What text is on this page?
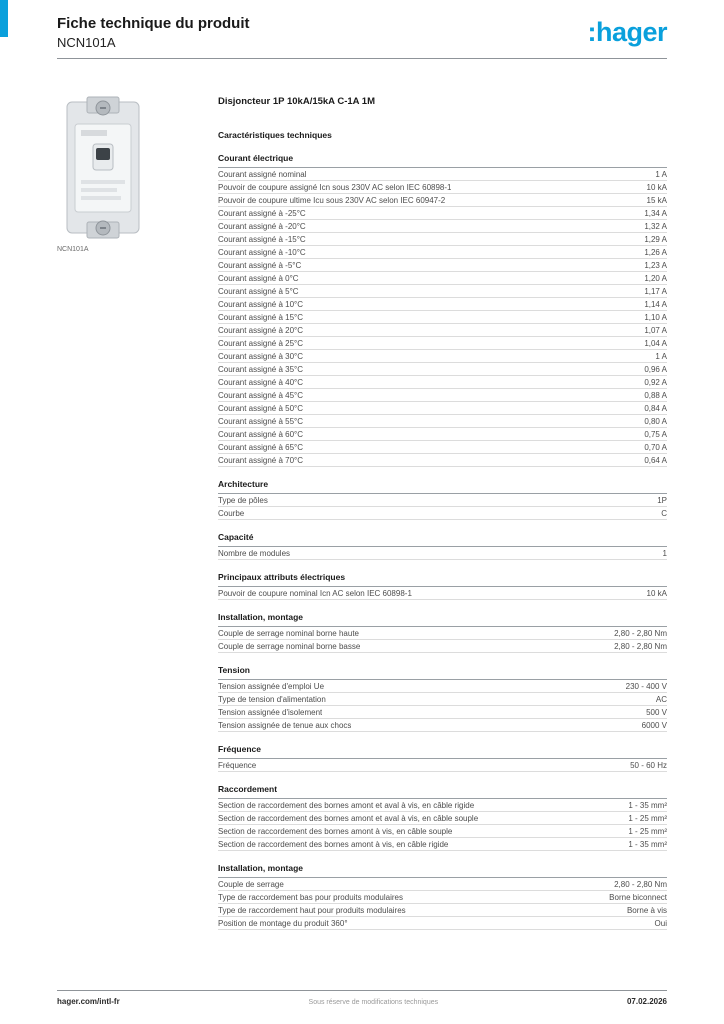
Fiche technique du produit
NCN101A	:hager
NCN101A
Disjoncteur 1P 10kA/15kA C-1A 1M
Caractéristiques techniques
Courant électrique
Courant assigné nominal	1 A
Pouvoir de coupure assigné Icn sous 230V AC selon IEC 60898-1	10 kA
Pouvoir de coupure ultime Icu sous 230V AC selon IEC 60947-2	15 kA
Courant assigné à -25°C	1,34 A
Courant assigné à -20°C	1,32 A
Courant assigné à -15°C	1,29 A
Courant assigné à -10°C	1,26 A
Courant assigné à -5°C	1,23 A
Courant assigné à 0°C	1,20 A
Courant assigné à 5°C	1,17 A
Courant assigné à 10°C	1,14 A
Courant assigné à 15°C	1,10 A
Courant assigné à 20°C	1,07 A
Courant assigné à 25°C	1,04 A
Courant assigné à 30°C	1 A
Courant assigné à 35°C	0,96 A
Courant assigné à 40°C	0,92 A
Courant assigné à 45°C	0,88 A
Courant assigné à 50°C	0,84 A
Courant assigné à 55°C	0,80 A
Courant assigné à 60°C	0,75 A
Courant assigné à 65°C	0,70 A
Courant assigné à 70°C	0,64 A
Architecture
Type de pôles	1P
Courbe	C
Capacité
Nombre de modules	1
Principaux attributs électriques
Pouvoir de coupure nominal Icn AC selon IEC 60898-1	10 kA
Installation, montage
Couple de serrage nominal borne haute	2,80 - 2,80 Nm
Couple de serrage nominal borne basse	2,80 - 2,80 Nm
Tension
Tension assignée d'emploi Ue	230 - 400 V
Type de tension d'alimentation	AC
Tension assignée d'isolement	500 V
Tension assignée de tenue aux chocs	6000 V
Fréquence
Fréquence	50 - 60 Hz
Raccordement
Section de raccordement des bornes amont et aval à vis, en câble rigide	1 - 35 mm²
Section de raccordement des bornes amont et aval à vis, en câble souple	1 - 25 mm²
Section de raccordement des bornes amont à vis, en câble souple	1 - 25 mm²
Section de raccordement des bornes amont à vis, en câble rigide	1 - 35 mm²
Installation, montage
Couple de serrage	2,80 - 2,80 Nm
Type de raccordement bas pour produits modulaires	Borne biconnect
Type de raccordement haut pour produits modulaires	Borne à vis
Position de montage du produit 360°	Oui
hager.com/intl-fr	Sous réserve de modifications techniques	07.02.2026
